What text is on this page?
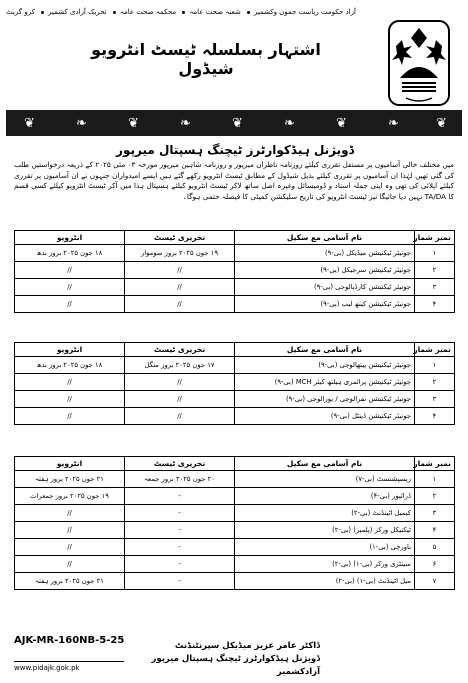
آزاد حکومت ریاست جموں وکشمیر شعبہ صحت عامہ محکمہ صحت عامہ تحریک آزادی کشمیر کرو گریٹ
اشتہار بسلسلہ ٹیسٹ انٹرویو شیڈول
❦	❧	❦	❧	❦	❧	❦	❧	❦
ڈویژنل ہیڈکوارٹرز ٹیچنگ ہسپتال میرپور
میں مختلف خالی آسامیوں پر مستقل تقرری کیلئے روزنامہ ناظران میرپور و روزنامہ شاہین میرپور مورخہ ۰۳ مئی ۲۰۲۵ کے ذریعہ درخواستیں طلب کی گئی تھیں لہٰذا ان آسامیوں پر تقرری کیلئے بذیل شیڈول کے مطابق ٹیسٹ انٹرویو رکھے گئے ہیں ایسے امیدواران جنہوں نے ان آسامیوں پر تقرری کیلئے اپلائی کی تھی وہ اپنی جملہ اسناد و ڈومیسائل وغیرہ اصل ساتھ لاکر ٹیسٹ انٹرویو کیلئے ہسپتال ہذا میں آکر ٹیسٹ انٹرویو کیلئے کسی قسم کا TA/DA نہیں دیا جائیگا نیز ٹیسٹ انٹرویو کی تاریخ سلیکشن کمیٹی کا فیصلہ حتمی ہوگا۔
نمبر شمار	نام آسامی مع سکیل	تحریری ٹیسٹ	انٹرویو
۱	جونیئر ٹیکنیشن میڈیکل (بی-۹)	۱۹ جون ۲۰۲۵ بروز سوموار	۱۸ جون ۲۰۲۵ بروز بدھ
۲	جونیئر ٹیکنیشن سرجیکل (بی-۹)	//	//
۳	جونیئر ٹیکنیشن کارڈیالوجی (بی-۹)	//	//
۴	جونیئر ٹیکنیشن کیتھ لیب (بی-۹)	//	//
نمبر شمار	نام آسامی مع سکیل	تحریری ٹیسٹ	انٹرویو
۱	جونیئر ٹیکنیشن پیتھالوجی (بی-۹)	۱۷ جون ۲۰۲۵ بروز منگل	۱۸ جون ۲۰۲۵ بروز بدھ
۲	جونیئر ٹیکنیشن پرائمری ہیلتھ کیئر MCH (بی-۹)	//	//
۳	جونیئر ٹیکنیشن نفرالوجی / یورالوجی (بی-۹)	//	//
۴	جونیئر ٹیکنیشن ڈینٹل (بی-۹)	//	//
نمبر شمار	نام آسامی مع سکیل	تحریری ٹیسٹ	انٹرویو
۱	ریسپشنسٹ (بی-۷)	۲۰ جون ۲۰۲۵ بروز جمعہ	۲۱ جون ۲۰۲۵ بروز ہفتہ
۲	ڈرائیور (بی-۴)	-	۱۹ جون ۲۰۲۵ بروز جمعرات
۳	کیمیل اٹینڈنٹ (بی-۲)	-	//
۴	ٹیکنیکل ورکر (پلمبر) (بی-۲)	-	//
۵	باورچی (بی-۱)	-	//
۶	سینٹری ورکر (بی-۱) (بی-۲)	-	//
۷	میل اٹینڈنٹ (بی-۱) (بی-۲)	-	۲۱ جون ۲۰۲۵ بروز ہفتہ
ڈاکٹر عامر عزیز میڈیکل سپرنٹنڈنٹ
ڈویژنل ہیڈکوارٹرز ٹیچنگ ہسپتال میرپور آزادکشمیر
AJK-MR-160NB-5-25
www.pidajk.gok.pk
